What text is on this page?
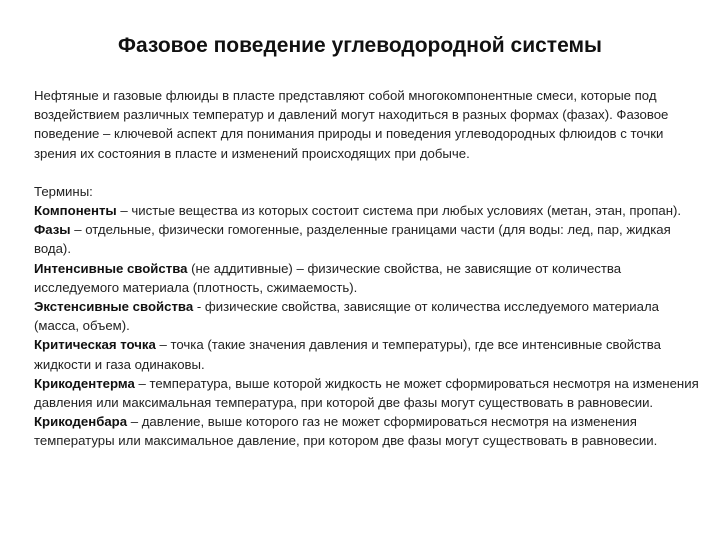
Фазовое поведение углеводородной системы

Нефтяные и газовые флюиды в пласте представляют собой многокомпонентные смеси, которые под воздействием различных температур и давлений могут находиться в разных формах (фазах). Фазовое поведение – ключевой аспект для понимания природы и поведения углеводородных флюидов с точки зрения их состояния в пласте и изменений происходящих при добыче.

Термины:

Компоненты – чистые вещества из которых состоит система при любых условиях (метан, этан, пропан).

Фазы – отдельные, физически гомогенные, разделенные границами части (для воды: лед, пар, жидкая вода).

Интенсивные свойства (не аддитивные) – физические свойства, не зависящие от количества исследуемого материала (плотность, сжимаемость).

Экстенсивные свойства - физические свойства, зависящие от количества исследуемого материала (масса, объем).

Критическая точка – точка (такие значения давления и температуры), где все интенсивные свойства жидкости и газа одинаковы.

Крикодентерма – температура, выше которой жидкость не может сформироваться несмотря на изменения давления или максимальная температура, при которой две фазы могут существовать в равновесии.

Крикоденбара – давление, выше которого газ не может сформироваться несмотря на изменения температуры или максимальное давление, при котором две фазы могут существовать в равновесии.
